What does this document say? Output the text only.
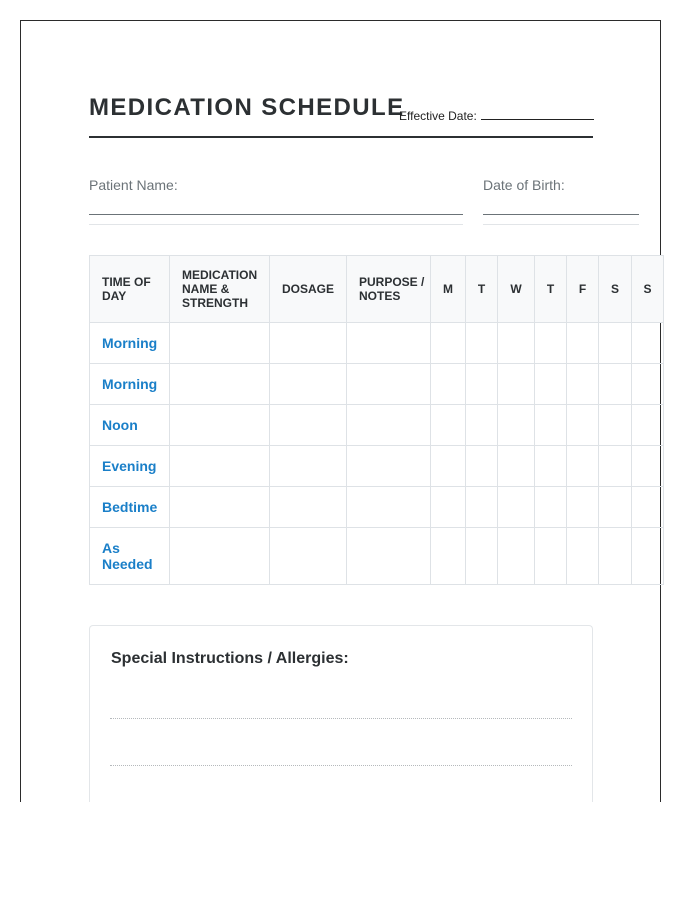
MEDICATION SCHEDULE
Effective Date:
Patient Name:	Date of Birth:
TIME OF DAY	MEDICATION NAME & STRENGTH	DOSAGE	PURPOSE / NOTES	M	T	W	T	F	S	S
Morning										
Morning										
Noon										
Evening										
Bedtime										
As Needed										
Special Instructions / Allergies:
